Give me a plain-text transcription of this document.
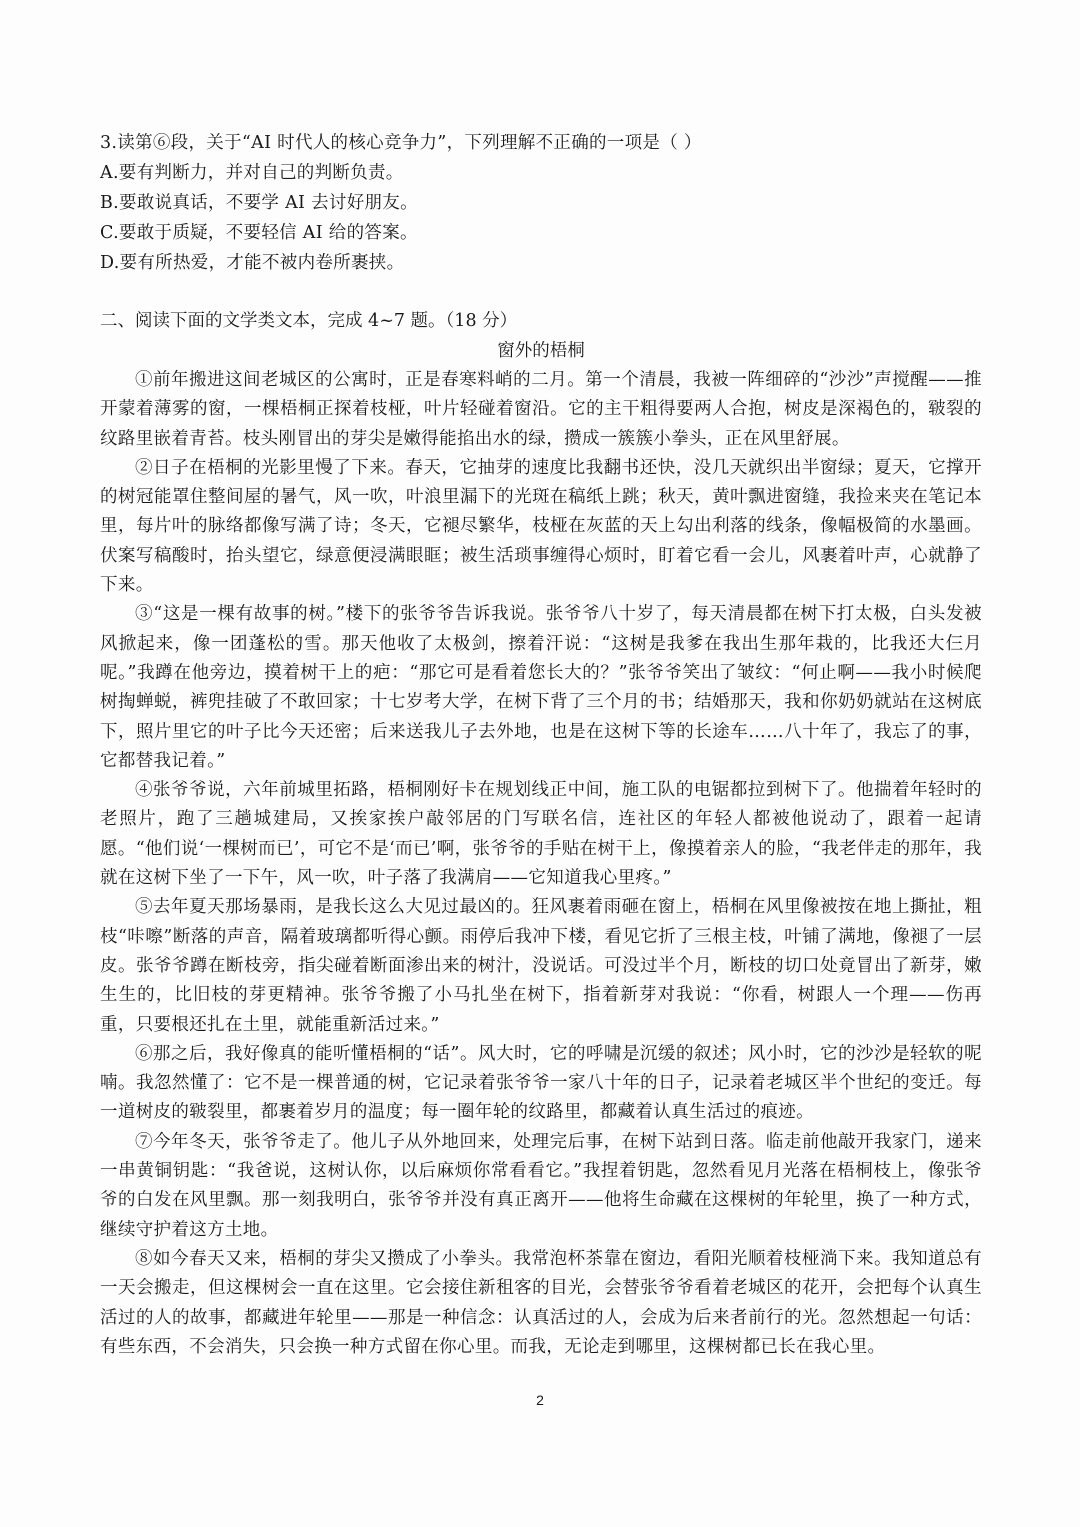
3.读第⑥段，关于“AI 时代人的核心竞争力”，下列理解不正确的一项是（ ）
A.要有判断力，并对自己的判断负责。
B.要敢说真话，不要学 AI 去讨好朋友。
C.要敢于质疑，不要轻信 AI 给的答案。
D.要有所热爱，才能不被内卷所裹挟。
二、阅读下面的文学类文本，完成 4~7 题。（18 分）
窗外的梧桐

①前年搬进这间老城区的公寓时，正是春寒料峭的二月。第一个清晨，我被一阵细碎的“沙沙”声搅醒——推开蒙着薄雾的窗，一棵梧桐正探着枝桠，叶片轻碰着窗沿。它的主干粗得要两人合抱，树皮是深褐色的，皲裂的纹路里嵌着青苔。枝头刚冒出的芽尖是嫩得能掐出水的绿，攒成一簇簇小拳头，正在风里舒展。

②日子在梧桐的光影里慢了下来。春天，它抽芽的速度比我翻书还快，没几天就织出半窗绿；夏天，它撑开的树冠能罩住整间屋的暑气，风一吹，叶浪里漏下的光斑在稿纸上跳；秋天，黄叶飘进窗缝，我捡来夹在笔记本里，每片叶的脉络都像写满了诗；冬天，它褪尽繁华，枝桠在灰蓝的天上勾出利落的线条，像幅极简的水墨画。伏案写稿酸时，抬头望它，绿意便浸满眼眶；被生活琐事缠得心烦时，盯着它看一会儿，风裹着叶声，心就静了下来。

③“这是一棵有故事的树。”楼下的张爷爷告诉我说。张爷爷八十岁了，每天清晨都在树下打太极，白头发被风掀起来，像一团蓬松的雪。那天他收了太极剑，擦着汗说：“这树是我爹在我出生那年栽的，比我还大仨月呢。”我蹲在他旁边，摸着树干上的疤：“那它可是看着您长大的？”张爷爷笑出了皱纹：“何止啊——我小时候爬树掏蝉蜕，裤兜挂破了不敢回家；十七岁考大学，在树下背了三个月的书；结婚那天，我和你奶奶就站在这树底下，照片里它的叶子比今天还密；后来送我儿子去外地，也是在这树下等的长途车……八十年了，我忘了的事，它都替我记着。”

④张爷爷说，六年前城里拓路，梧桐刚好卡在规划线正中间，施工队的电锯都拉到树下了。他揣着年轻时的老照片，跑了三趟城建局，又挨家挨户敲邻居的门写联名信，连社区的年轻人都被他说动了，跟着一起请愿。“他们说‘一棵树而已’，可它不是‘而已’啊，张爷爷的手贴在树干上，像摸着亲人的脸，“我老伴走的那年，我就在这树下坐了一下午，风一吹，叶子落了我满肩——它知道我心里疼。”

⑤去年夏天那场暴雨，是我长这么大见过最凶的。狂风裹着雨砸在窗上，梧桐在风里像被按在地上撕扯，粗枝“咔嚓”断落的声音，隔着玻璃都听得心颤。雨停后我冲下楼，看见它折了三根主枝，叶铺了满地，像褪了一层皮。张爷爷蹲在断枝旁，指尖碰着断面渗出来的树汁，没说话。可没过半个月，断枝的切口处竟冒出了新芽，嫩生生的，比旧枝的芽更精神。张爷爷搬了小马扎坐在树下，指着新芽对我说：“你看，树跟人一个理——伤再重，只要根还扎在土里，就能重新活过来。”

⑥那之后，我好像真的能听懂梧桐的“话”。风大时，它的呼啸是沉缓的叙述；风小时，它的沙沙是轻软的呢喃。我忽然懂了：它不是一棵普通的树，它记录着张爷爷一家八十年的日子，记录着老城区半个世纪的变迁。每一道树皮的皲裂里，都裹着岁月的温度；每一圈年轮的纹路里，都藏着认真生活过的痕迹。

⑦今年冬天，张爷爷走了。他儿子从外地回来，处理完后事，在树下站到日落。临走前他敲开我家门，递来一串黄铜钥匙：“我爸说，这树认你，以后麻烦你常看看它。”我捏着钥匙，忽然看见月光落在梧桐枝上，像张爷爷的白发在风里飘。那一刻我明白，张爷爷并没有真正离开——他将生命藏在这棵树的年轮里，换了一种方式，继续守护着这方土地。

⑧如今春天又来，梧桐的芽尖又攒成了小拳头。我常泡杯茶靠在窗边，看阳光顺着枝桠淌下来。我知道总有一天会搬走，但这棵树会一直在这里。它会接住新租客的目光，会替张爷爷看着老城区的花开，会把每个认真生活过的人的故事，都藏进年轮里——那是一种信念：认真活过的人，会成为后来者前行的光。忽然想起一句话：有些东西，不会消失，只会换一种方式留在你心里。而我，无论走到哪里，这棵树都已长在我心里。

2
